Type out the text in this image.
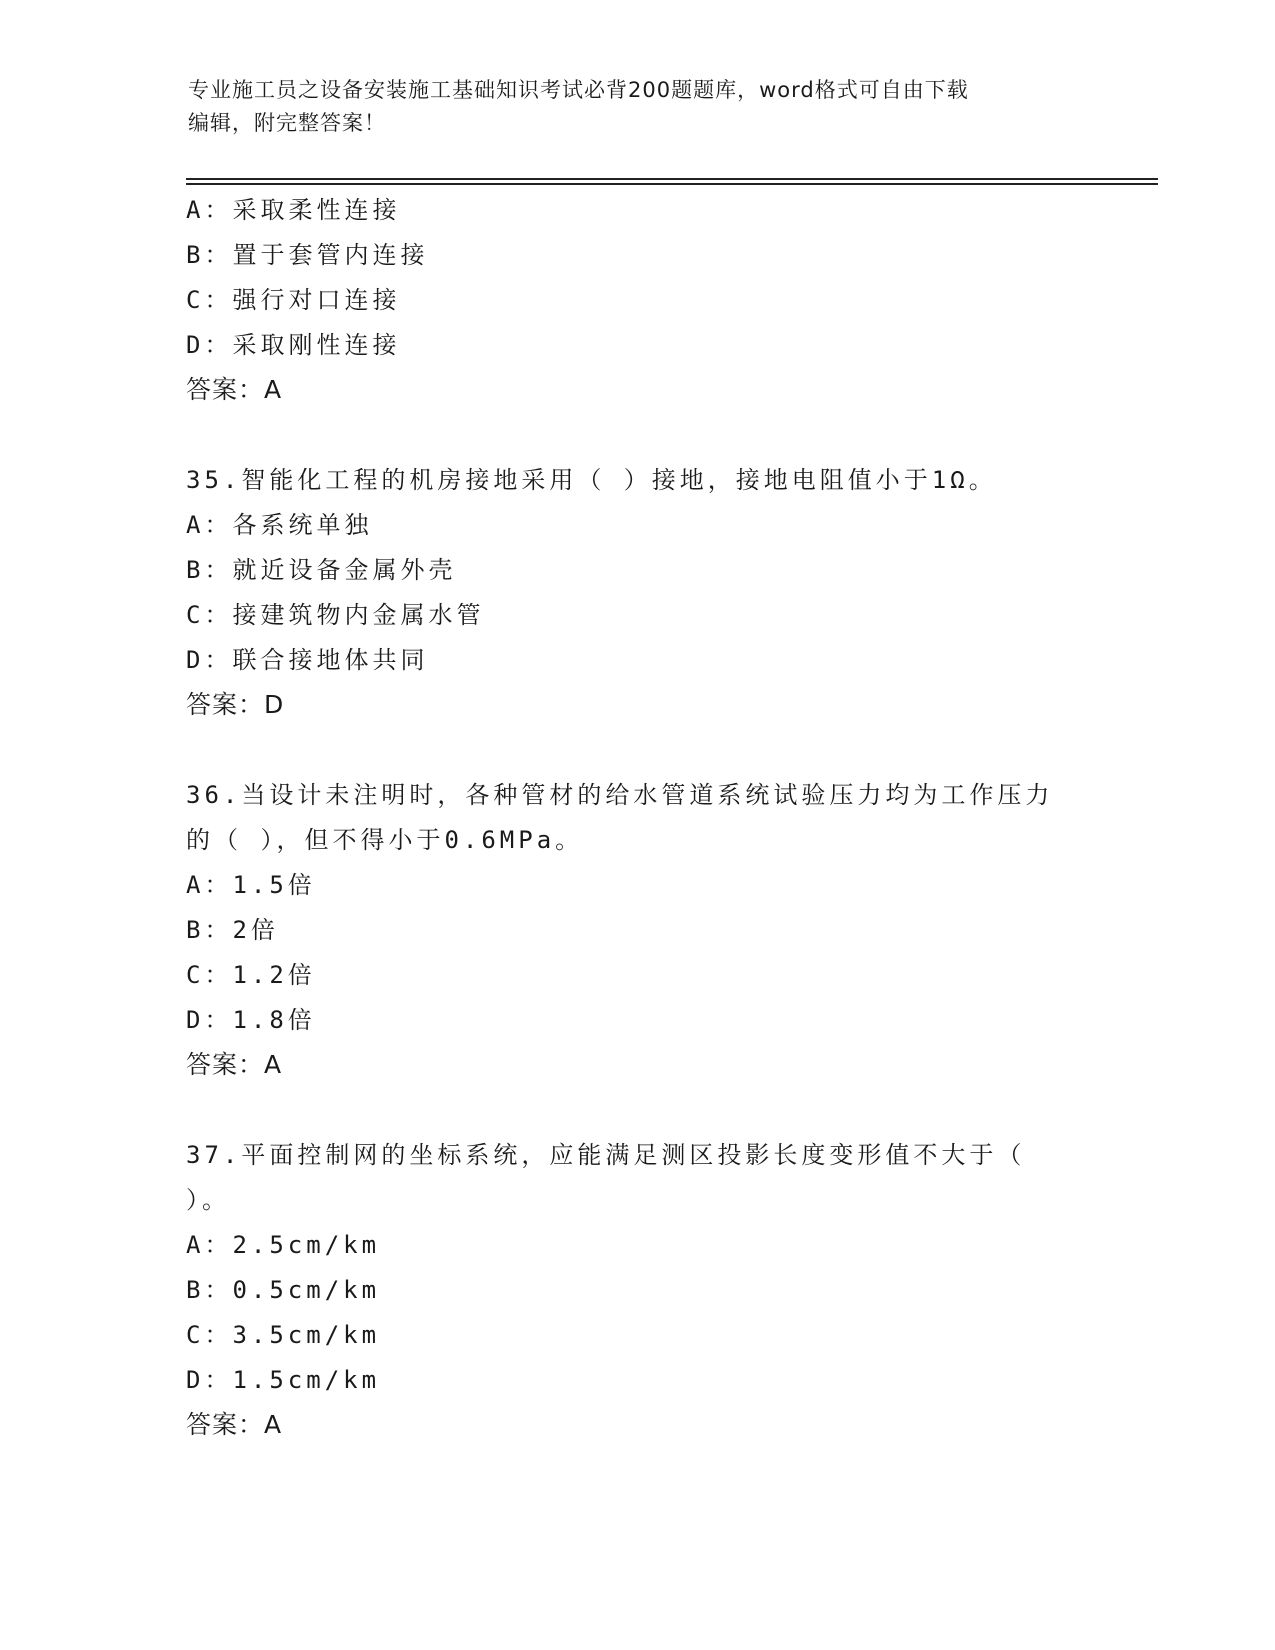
专业施工员之设备安装施工基础知识考试必背200题题库，word格式可自由下载
编辑，附完整答案！
A：采取柔性连接
B：置于套管内连接
C：强行对口连接
D：采取刚性连接
答案：A
35.智能化工程的机房接地采用（ ）接地，接地电阻值小于1Ω。
A：各系统单独
B：就近设备金属外壳
C：接建筑物内金属水管
D：联合接地体共同
答案：D
36.当设计未注明时，各种管材的给水管道系统试验压力均为工作压力
的（ ），但不得小于0.6MPa。
A：1.5倍
B：2倍
C：1.2倍
D：1.8倍
答案：A
37.平面控制网的坐标系统，应能满足测区投影长度变形值不大于（
）。
A：2.5cm/km
B：0.5cm/km
C：3.5cm/km
D：1.5cm/km
答案：A
